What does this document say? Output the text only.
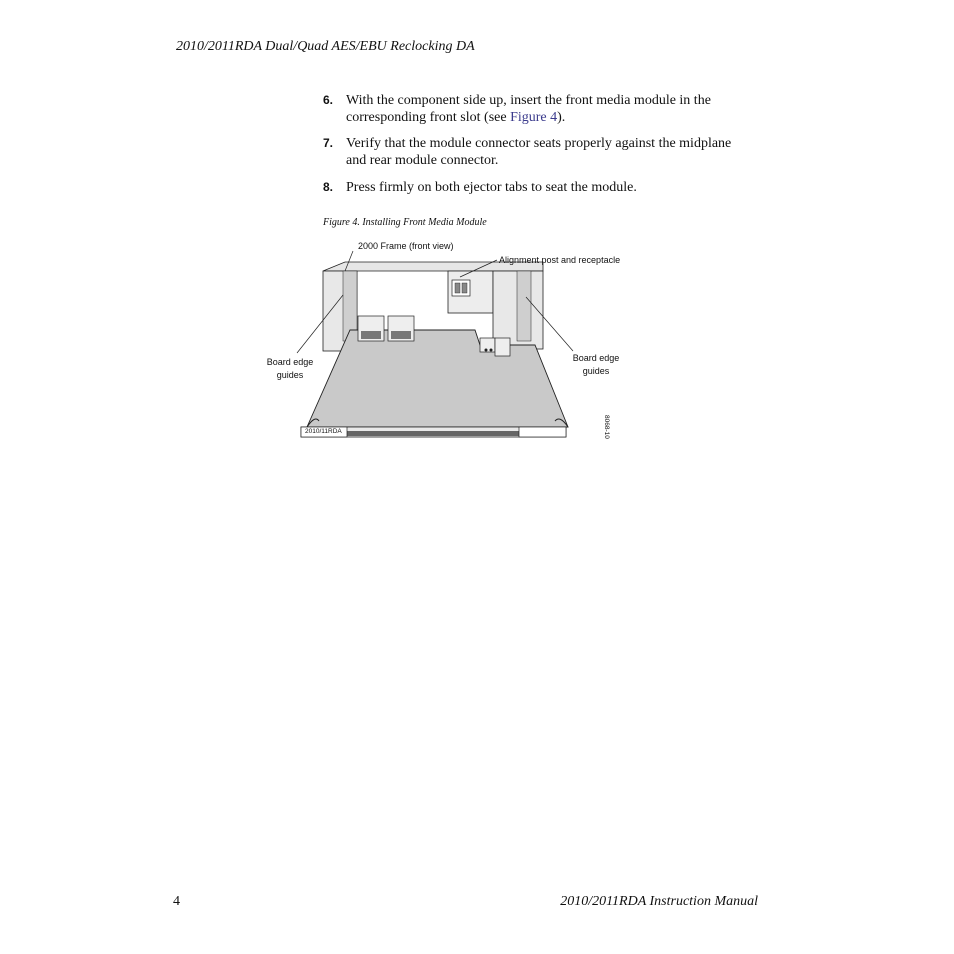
2010/2011RDA Dual/Quad AES/EBU Reclocking DA
6. With the component side up, insert the front media module in the
corresponding front slot (see Figure 4).
7. Verify that the module connector seats properly against the midplane
and rear module connector.
8. Press firmly on both ejector tabs to seat the module.
Figure 4. Installing Front Media Module
2000 Frame (front view)
Alignment post and receptacle
Board edge
guides
Board edge
guides
2010/11RDA	8068-10
4	2010/2011RDA Instruction Manual
